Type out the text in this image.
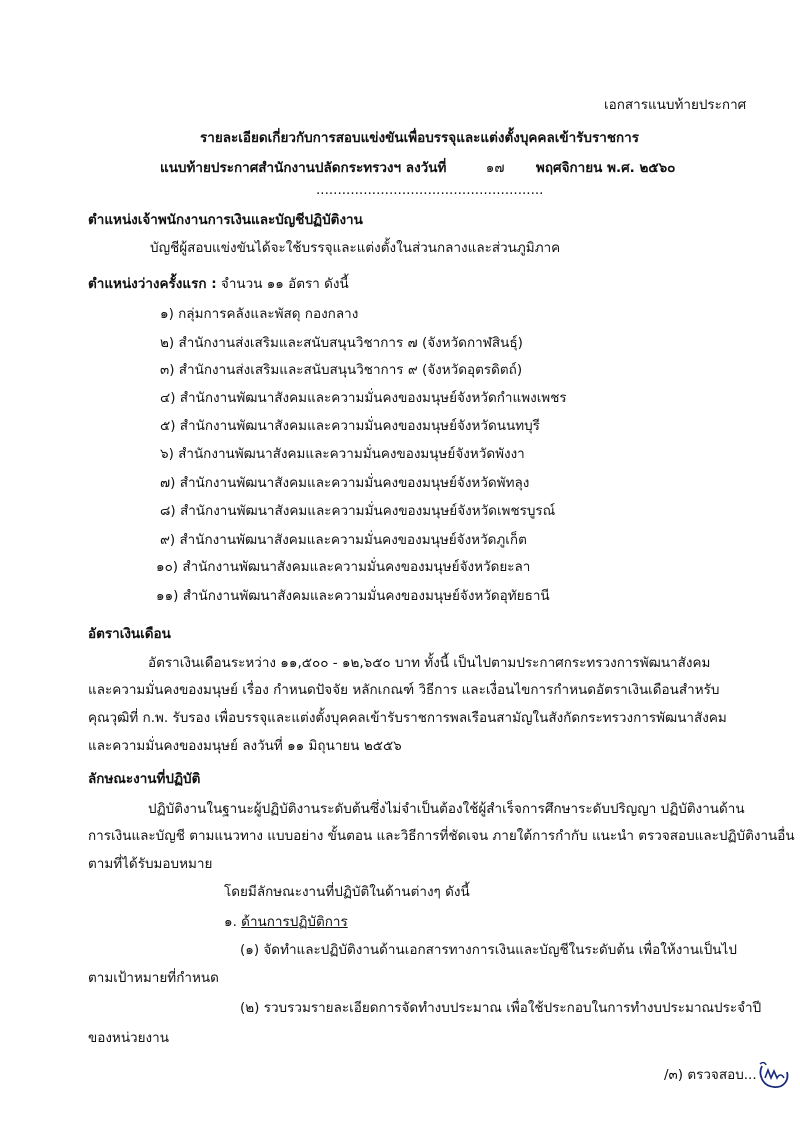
เอกสารแนบท้ายประกาศ
รายละเอียดเกี่ยวกับการสอบแข่งขันเพื่อบรรจุและแต่งตั้งบุคคลเข้ารับราชการ
แนบท้ายประกาศสำนักงานปลัดกระทรวงฯ ลงวันที่	๑๗ พฤศจิกายน พ.ศ. ๒๕๖๐
.....................................................
ตำแหน่งเจ้าพนักงานการเงินและบัญชีปฏิบัติงาน
บัญชีผู้สอบแข่งขันได้จะใช้บรรจุและแต่งตั้งในส่วนกลางและส่วนภูมิภาค
ตำแหน่งว่างครั้งแรก : จำนวน ๑๑ อัตรา ดังนี้
๑) กลุ่มการคลังและพัสดุ กองกลาง
๒) สำนักงานส่งเสริมและสนับสนุนวิชาการ ๗ (จังหวัดกาฬสินธุ์)
๓) สำนักงานส่งเสริมและสนับสนุนวิชาการ ๙ (จังหวัดอุตรดิตถ์)
๔) สำนักงานพัฒนาสังคมและความมั่นคงของมนุษย์จังหวัดกำแพงเพชร
๕) สำนักงานพัฒนาสังคมและความมั่นคงของมนุษย์จังหวัดนนทบุรี
๖) สำนักงานพัฒนาสังคมและความมั่นคงของมนุษย์จังหวัดพังงา
๗) สำนักงานพัฒนาสังคมและความมั่นคงของมนุษย์จังหวัดพัทลุง
๘) สำนักงานพัฒนาสังคมและความมั่นคงของมนุษย์จังหวัดเพชรบูรณ์
๙) สำนักงานพัฒนาสังคมและความมั่นคงของมนุษย์จังหวัดภูเก็ต
๑๐) สำนักงานพัฒนาสังคมและความมั่นคงของมนุษย์จังหวัดยะลา
๑๑) สำนักงานพัฒนาสังคมและความมั่นคงของมนุษย์จังหวัดอุทัยธานี
อัตราเงินเดือน
อัตราเงินเดือนระหว่าง ๑๑,๕๐๐ - ๑๒,๖๕๐ บาท ทั้งนี้ เป็นไปตามประกาศกระทรวงการพัฒนาสังคม
และความมั่นคงของมนุษย์ เรื่อง กำหนดปัจจัย หลักเกณฑ์ วิธีการ และเงื่อนไขการกำหนดอัตราเงินเดือนสำหรับ
คุณวุฒิที่ ก.พ. รับรอง เพื่อบรรจุและแต่งตั้งบุคคลเข้ารับราชการพลเรือนสามัญในสังกัดกระทรวงการพัฒนาสังคม
และความมั่นคงของมนุษย์ ลงวันที่ ๑๑ มิถุนายน ๒๕๕๖
ลักษณะงานที่ปฏิบัติ
ปฏิบัติงานในฐานะผู้ปฏิบัติงานระดับต้นซึ่งไม่จำเป็นต้องใช้ผู้สำเร็จการศึกษาระดับปริญญา ปฏิบัติงานด้าน
การเงินและบัญชี ตามแนวทาง แบบอย่าง ขั้นตอน และวิธีการที่ชัดเจน ภายใต้การกำกับ แนะนำ ตรวจสอบและปฏิบัติงานอื่น
ตามที่ได้รับมอบหมาย
โดยมีลักษณะงานที่ปฏิบัติในด้านต่างๆ ดังนี้
๑. ด้านการปฏิบัติการ
(๑) จัดทำและปฏิบัติงานด้านเอกสารทางการเงินและบัญชีในระดับต้น เพื่อให้งานเป็นไป
ตามเป้าหมายที่กำหนด
(๒) รวบรวมรายละเอียดการจัดทำงบประมาณ เพื่อใช้ประกอบในการทำงบประมาณประจำปี
ของหน่วยงาน
/๓) ตรวจสอบ...
